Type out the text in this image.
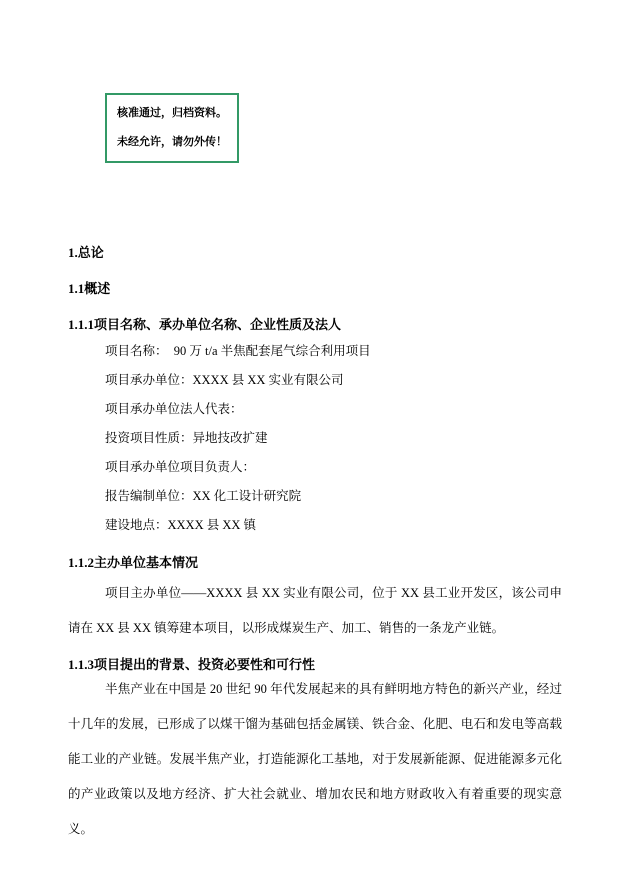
核准通过，归档资料。
未经允许，请勿外传！
1.总论
1.1概述
1.1.1项目名称、承办单位名称、企业性质及法人
项目名称：  90 万 t/a 半焦配套尾气综合利用项目
项目承办单位：XXXX 县 XX 实业有限公司
项目承办单位法人代表：
投资项目性质：异地技改扩建
项目承办单位项目负责人：
报告编制单位：XX 化工设计研究院
建设地点：XXXX 县 XX 镇
1.1.2主办单位基本情况
项目主办单位——XXXX 县 XX 实业有限公司，位于 XX 县工业开发区，该公司申请在 XX 县 XX 镇筹建本项目，以形成煤炭生产、加工、销售的一条龙产业链。
1.1.3项目提出的背景、投资必要性和可行性
半焦产业在中国是 20 世纪 90 年代发展起来的具有鲜明地方特色的新兴产业，经过十几年的发展，已形成了以煤干馏为基础包括金属镁、铁合金、化肥、电石和发电等高载能工业的产业链。发展半焦产业，打造能源化工基地，对于发展新能源、促进能源多元化的产业政策以及地方经济、扩大社会就业、增加农民和地方财政收入有着重要的现实意义。
